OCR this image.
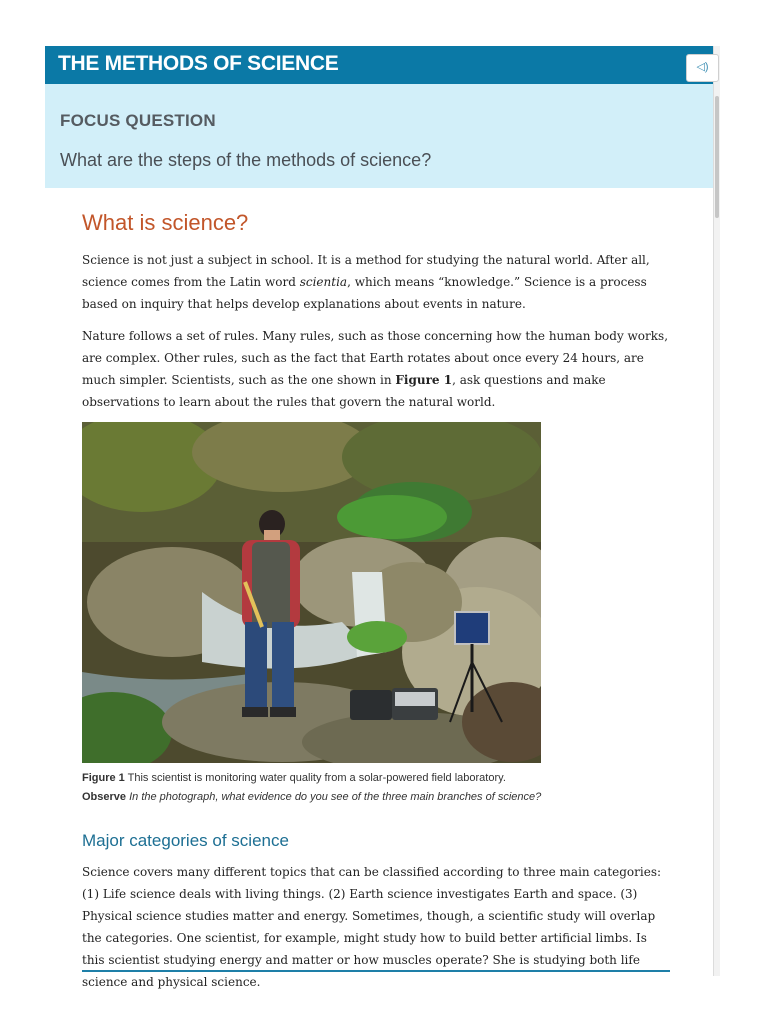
THE METHODS OF SCIENCE	◁)
FOCUS QUESTION
What are the steps of the methods of science?
What is science?

Science is not just a subject in school. It is a method for studying the natural world. After all, science comes from the Latin word scientia, which means “knowledge.” Science is a process based on inquiry that helps develop explanations about events in nature.

Nature follows a set of rules. Many rules, such as those concerning how the human body works, are complex. Other rules, such as the fact that Earth rotates about once every 24 hours, are much simpler. Scientists, such as the one shown in Figure 1, ask questions and make observations to learn about the rules that govern the natural world.

Figure 1 This scientist is monitoring water quality from a solar-powered field laboratory.
Observe In the photograph, what evidence do you see of the three main branches of science?
Major categories of science

Science covers many different topics that can be classified according to three main categories: (1) Life science deals with living things. (2) Earth science investigates Earth and space. (3) Physical science studies matter and energy. Sometimes, though, a scientific study will overlap the categories. One scientist, for example, might study how to build better artificial limbs. Is this scientist studying energy and matter or how muscles operate? She is studying both life science and physical science.
